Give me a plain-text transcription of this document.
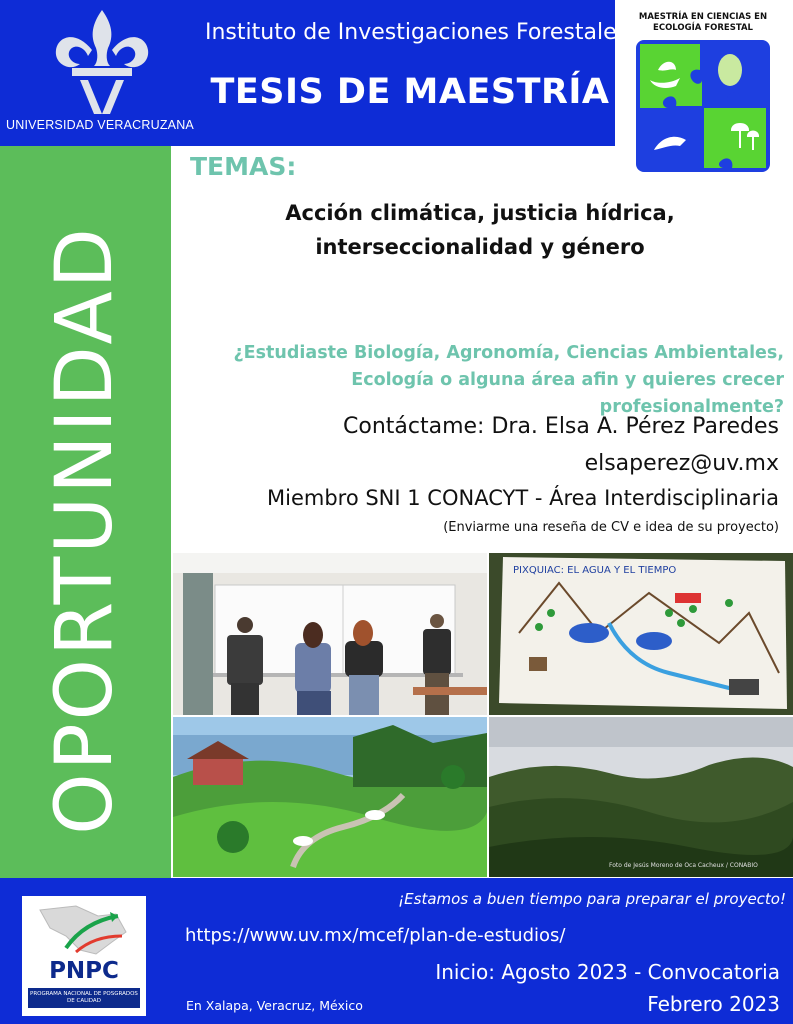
UNIVERSIDAD VERACRUZANA
Instituto de Investigaciones Forestales
TESIS DE MAESTRÍA
MAESTRÍA EN CIENCIAS EN ECOLOGÍA FORESTAL
OPORTUNIDAD
TEMAS:
Acción climática, justicia hídrica,
interseccionalidad y género
¿Estudiaste Biología, Agronomía, Ciencias Ambientales,
Ecología o alguna área afin y quieres crecer profesionalmente?
Contáctame: Dra. Elsa A. Pérez Paredes
elsaperez@uv.mx
Miembro SNI 1 CONACYT - Área Interdisciplinaria
(Enviarme una reseña de CV e idea de su proyecto)
PIXQUIAC: EL AGUA Y EL TIEMPO
Foto de Jesús Moreno de Oca Cacheux / CONABIO
PNPC
PROGRAMA NACIONAL DE POSGRADOS DE CALIDAD
¡Estamos a buen tiempo para preparar el proyecto!
https://www.uv.mx/mcef/plan-de-estudios/
Inicio: Agosto 2023 - Convocatoria
Febrero 2023
En Xalapa, Veracruz, México
